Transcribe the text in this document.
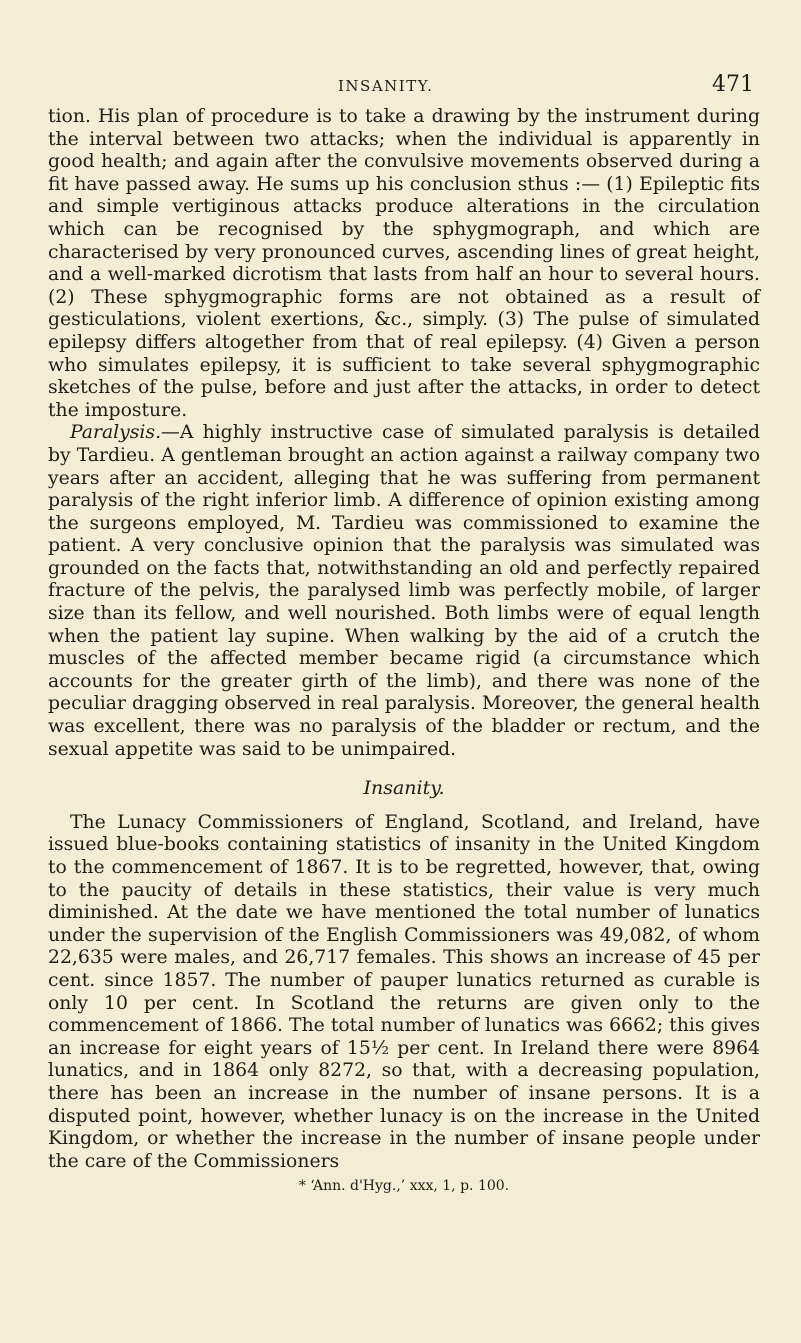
INSANITY.	471

tion. His plan of procedure is to take a drawing by the instrument during the interval between two attacks; when the individual is apparently in good health; and again after the convulsive movements observed during a fit have passed away. He sums up his conclusion sthus :— (1) Epileptic fits and simple vertiginous attacks produce alterations in the circulation which can be recognised by the sphygmograph, and which are characterised by very pronounced curves, ascending lines of great height, and a well-marked dicrotism that lasts from half an hour to several hours. (2) These sphygmographic forms are not obtained as a result of gesticulations, violent exertions, &c., simply. (3) The pulse of simulated epilepsy differs altogether from that of real epilepsy. (4) Given a person who simulates epilepsy, it is sufficient to take several sphygmographic sketches of the pulse, before and just after the attacks, in order to detect the imposture.

Paralysis.—A highly instructive case of simulated paralysis is detailed by Tardieu. A gentleman brought an action against a railway company two years after an accident, alleging that he was suffering from permanent paralysis of the right inferior limb. A difference of opinion existing among the surgeons employed, M. Tardieu was commissioned to examine the patient. A very conclusive opinion that the paralysis was simulated was grounded on the facts that, notwithstanding an old and perfectly repaired fracture of the pelvis, the paralysed limb was perfectly mobile, of larger size than its fellow, and well nourished. Both limbs were of equal length when the patient lay supine. When walking by the aid of a crutch the muscles of the affected member became rigid (a circumstance which accounts for the greater girth of the limb), and there was none of the peculiar dragging observed in real paralysis. Moreover, the general health was excellent, there was no paralysis of the bladder or rectum, and the sexual appetite was said to be unimpaired.

Insanity.

The Lunacy Commissioners of England, Scotland, and Ireland, have issued blue-books containing statistics of insanity in the United Kingdom to the commencement of 1867. It is to be regretted, however, that, owing to the paucity of details in these statistics, their value is very much diminished. At the date we have mentioned the total number of lunatics under the supervision of the English Commissioners was 49,082, of whom 22,635 were males, and 26,717 females. This shows an increase of 45 per cent. since 1857. The number of pauper lunatics returned as curable is only 10 per cent. In Scotland the returns are given only to the commencement of 1866. The total number of lunatics was 6662; this gives an increase for eight years of 15½ per cent. In Ireland there were 8964 lunatics, and in 1864 only 8272, so that, with a decreasing population, there has been an increase in the number of insane persons. It is a disputed point, however, whether lunacy is on the increase in the United Kingdom, or whether the increase in the number of insane people under the care of the Commissioners

* ‘Ann. d'Hyg.,’ xxx, 1, p. 100.
